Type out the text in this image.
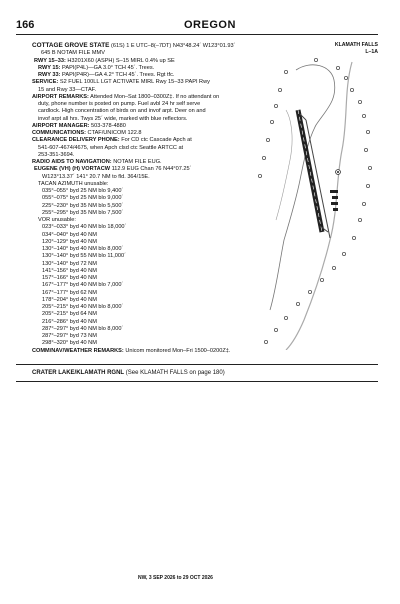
166	OREGON
KLAMATH FALLS
L–1A
COTTAGE GROVE STATE (61S) 1 E UTC–8(–7DT) N43°48.24´ W123°01.93´
645 B NOTAM FILE MMV
RWY 15–33: H3201X60 (ASPH) S–15 MIRL 0.4% up SE
RWY 15: PAPI(P4L)—GA 3.0° TCH 45´. Trees.
RWY 33: PAPI(P4R)—GA 4.2° TCH 45´. Trees. Rgt tfc.
SERVICE: S2 FUEL 100LL LGT ACTIVATE MIRL Rwy 15–33 PAPI Rwy
15 and Rwy 33—CTAF.
AIRPORT REMARKS: Attended Mon–Sat 1800–0300Z‡. If no attendant on
duty, phone number is posted on pump. Fuel avbl 24 hr self serve
cardlock. High concentration of birds on and invof arpt. Deer on and
invof arpt all hrs. Twys 25´ wide, marked with blue reflectors.
AIRPORT MANAGER: 503-378-4880
COMMUNICATIONS: CTAF/UNICOM 122.8
CLEARANCE DELIVERY PHONE: For CD ctc Cascade Apch at
541-607-4674/4675, when Apch clsd ctc Seattle ARTCC at
253-351-3694.
RADIO AIDS TO NAVIGATION: NOTAM FILE EUG.
EUGENE (VH) (H) VORTACW 112.9 EUG Chan 76 N44°07.25´
W123°13.37´ 141° 20.7 NM to fld. 364/15E.
TACAN AZIMUTH unusable:
035°–055° byd 25 NM blo 9,400´
055°–075° byd 25 NM blo 9,000´
225°–230° byd 35 NM blo 5,500´
255°–295° byd 35 NM blo 7,500´
VOR unusable:
023°–033° byd 40 NM blo 18,000´
034°–040° byd 40 NM
120°–129° byd 40 NM
130°–140° byd 40 NM blo 8,000´
130°–140° byd 55 NM blo 11,000´
130°–140° byd 72 NM
141°–156° byd 40 NM
157°–166° byd 40 NM
167°–177° byd 40 NM blo 7,000´
167°–177° byd 62 NM
178°–204° byd 40 NM
205°–215° byd 40 NM blo 8,000´
205°–215° byd 64 NM
216°–286° byd 40 NM
287°–297° byd 40 NM blo 8,000´
287°–297° byd 73 NM
298°–320° byd 40 NM
COMM/NAV/WEATHER REMARKS: Unicom monitored Mon–Fri 1500–0200Z‡.
CRATER LAKE/KLAMATH RGNL (See KLAMATH FALLS on page 180)
NW, 3 SEP 2026 to 29 OCT 2026
